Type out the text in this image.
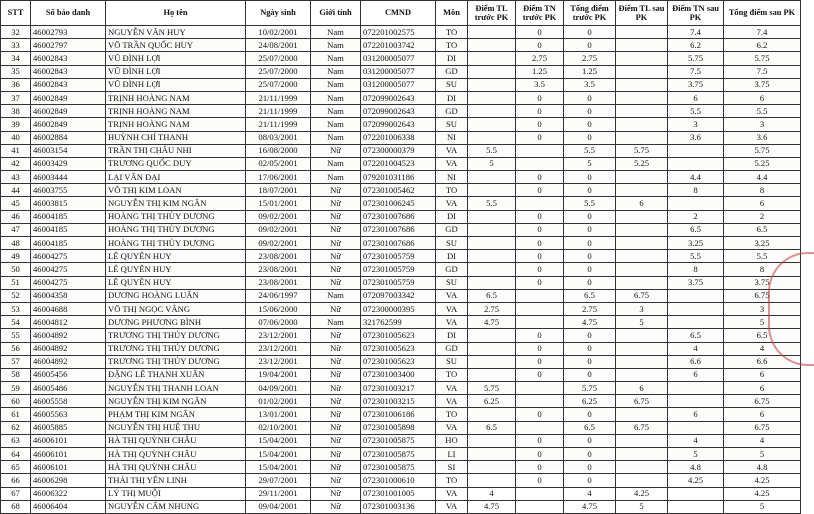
STT	Số báo danh	Họ tên	Ngày sinh	Giới tính	CMND	Môn	Điểm TL trước PK	Điểm TN trước PK	Tổng điểm trước PK	Điểm TL sau PK	Điểm TN sau PK	Tổng điểm sau PK
32	46002793	NGUYỄN VĂN HUY	10/02/2001	Nam	072201002575	TO		0	0		7.4	7.4
33	46002797	VÕ TRẦN QUỐC HUY	24/08/2001	Nam	072201003742	TO		0	0		6.2	6.2
34	46002843	VŨ ĐÌNH LỢI	25/07/2000	Nam	031200005077	DI		2.75	2.75		5.75	5.75
35	46002843	VŨ ĐÌNH LỢI	25/07/2000	Nam	031200005077	GD		1.25	1.25		7.5	7.5
36	46002843	VŨ ĐÌNH LỢI	25/07/2000	Nam	031200005077	SU		3.5	3.5		3.75	3.75
37	46002849	TRỊNH HOÀNG NAM	21/11/1999	Nam	072099002643	DI		0	0		6	6
38	46002849	TRỊNH HOÀNG NAM	21/11/1999	Nam	072099002643	GD		0	0		5.5	5.5
39	46002849	TRỊNH HOÀNG NAM	21/11/1999	Nam	072099002643	SU		0	0		3	3
40	46002884	HUỲNH CHÍ THANH	08/03/2001	Nam	072201006338	NI		0	0		3.6	3.6
41	46003154	TRẦN THỊ CHÂU NHI	16/08/2000	Nữ	072300000379	VA	5.5		5.5	5.75		5.75
42	46003429	TRƯƠNG QUỐC DUY	02/05/2001	Nam	072201004523	VA	5		5	5.25		5.25
43	46003444	LẠI VĂN ĐẠI	17/06/2001	Nam	079201031186	NI		0	0		4.4	4.4
44	46003755	VÕ THỊ KIM LOAN	18/07/2001	Nữ	072301005462	TO		0	0		8	8
45	46003815	NGUYỄN THỊ KIM NGÂN	15/01/2001	Nữ	072301006245	VA	5.5		5.5	6		6
46	46004185	HOÀNG THỊ THÙY DƯƠNG	09/02/2001	Nữ	072301007686	DI		0	0		2	2
47	46004185	HOÀNG THỊ THÙY DƯƠNG	09/02/2001	Nữ	072301007686	GD		0	0		6.5	6.5
48	46004185	HOÀNG THỊ THÙY DƯƠNG	09/02/2001	Nữ	072301007686	SU		0	0		3.25	3.25
49	46004275	LÊ QUYÊN HUY	23/08/2001	Nữ	072301005759	DI		0	0		5.5	5.5
50	46004275	LÊ QUYÊN HUY	23/08/2001	Nữ	072301005759	GD		0	0		8	8
51	46004275	LÊ QUYÊN HUY	23/08/2001	Nữ	072301005759	SU		0	0		3.75	3.75
52	46004358	DƯƠNG HOÀNG LUÂN	24/06/1997	Nam	072097003342	VA	6.5		6.5	6.75		6.75
53	46004688	VÕ THỊ NGỌC VÂNG	15/06/2000	Nữ	072300000395	VA	2.75		2.75	3		3
54	46004812	DƯƠNG PHƯƠNG BÌNH	07/06/2000	Nam	321762599	VA	4.75		4.75	5		5
55	46004892	TRƯƠNG THỊ THÚY DƯƠNG	23/12/2001	Nữ	072301005623	DI		0	0		6.5	6.5
56	46004892	TRƯƠNG THỊ THÚY DƯƠNG	23/12/2001	Nữ	072301005623	GD		0	0		4	4
57	46004892	TRƯƠNG THỊ THÚY DƯƠNG	23/12/2001	Nữ	072301005623	SU		0	0		6.6	6.6
58	46005456	ĐẶNG LÊ THANH XUÂN	19/04/2001	Nữ	072301003400	TO		0	0		6	6
59	46005486	NGUYỄN THỊ THANH LOAN	04/09/2001	Nữ	072301003217	VA	5.75		5.75	6		6
60	46005558	NGUYỄN THỊ KIM NGÂN	01/02/2001	Nữ	072301003215	VA	6.25		6.25	6.75		6.75
61	46005563	PHẠM THỊ KIM NGÂN	13/01/2001	Nữ	072301006186	TO		0	0		6	6
62	46005885	NGUYỄN THỊ HUỆ THU	02/10/2001	Nữ	072301005898	VA	6.5		6.5	6.75		6.75
63	46006101	HÀ THỊ QUỲNH CHÂU	15/04/2001	Nữ	072301005875	HO		0	0		4	4
64	46006101	HÀ THỊ QUỲNH CHÂU	15/04/2001	Nữ	072301005875	LI		0	0		5	5
65	46006101	HÀ THỊ QUỲNH CHÂU	15/04/2001	Nữ	072301005875	SI		0	0		4.8	4.8
66	46006298	THÁI THỊ YẾN LINH	29/07/2001	Nữ	072301000610	TO		0	0		4.25	4.25
67	46006322	LÝ THỊ MUỘI	29/11/2001	Nữ	072301001005	VA	4		4	4.25		4.25
68	46006404	NGUYỄN CẨM NHUNG	09/04/2001	Nữ	072301003136	VA	4.75		4.75	5		5
